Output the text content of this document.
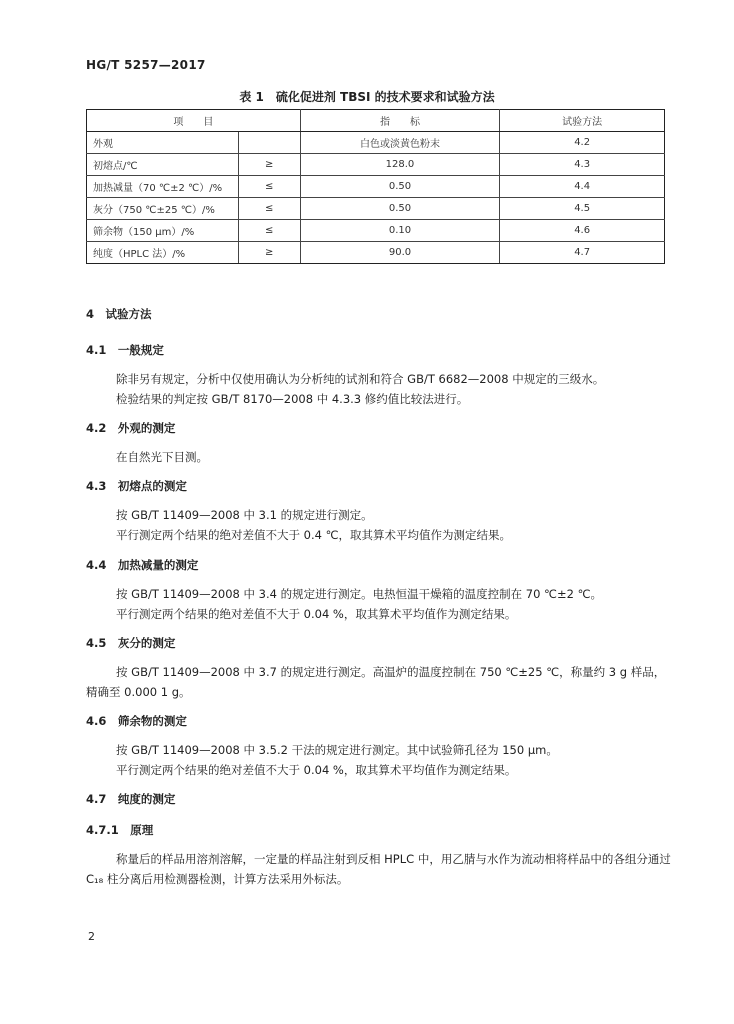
HG/T 5257—2017
表 1　硫化促进剂 TBSI 的技术要求和试验方法
项　　目		指　　标	试验方法
外观		白色或淡黄色粉末	4.2
初熔点/℃	≥	128.0	4.3
加热减量（70 ℃±2 ℃）/%	≤	0.50	4.4
灰分（750 ℃±25 ℃）/%	≤	0.50	4.5
筛余物（150 μm）/%	≤	0.10	4.6
纯度（HPLC 法）/%	≥	90.0	4.7
4　试验方法
4.1　一般规定
除非另有规定，分析中仅使用确认为分析纯的试剂和符合 GB/T 6682—2008 中规定的三级水。
检验结果的判定按 GB/T 8170—2008 中 4.3.3 修约值比较法进行。
4.2　外观的测定
在自然光下目测。
4.3　初熔点的测定
按 GB/T 11409—2008 中 3.1 的规定进行测定。
平行测定两个结果的绝对差值不大于 0.4 ℃，取其算术平均值作为测定结果。
4.4　加热减量的测定
按 GB/T 11409—2008 中 3.4 的规定进行测定。电热恒温干燥箱的温度控制在 70 ℃±2 ℃。
平行测定两个结果的绝对差值不大于 0.04 %，取其算术平均值作为测定结果。
4.5　灰分的测定
按 GB/T 11409—2008 中 3.7 的规定进行测定。高温炉的温度控制在 750 ℃±25 ℃，称量约 3 g 样品，精确至 0.000 1 g。
4.6　筛余物的测定
按 GB/T 11409—2008 中 3.5.2 干法的规定进行测定。其中试验筛孔径为 150 μm。
平行测定两个结果的绝对差值不大于 0.04 %，取其算术平均值作为测定结果。
4.7　纯度的测定
4.7.1　原理
称量后的样品用溶剂溶解，一定量的样品注射到反相 HPLC 中，用乙腈与水作为流动相将样品中的各组分通过 C₁₈ 柱分离后用检测器检测，计算方法采用外标法。
2
